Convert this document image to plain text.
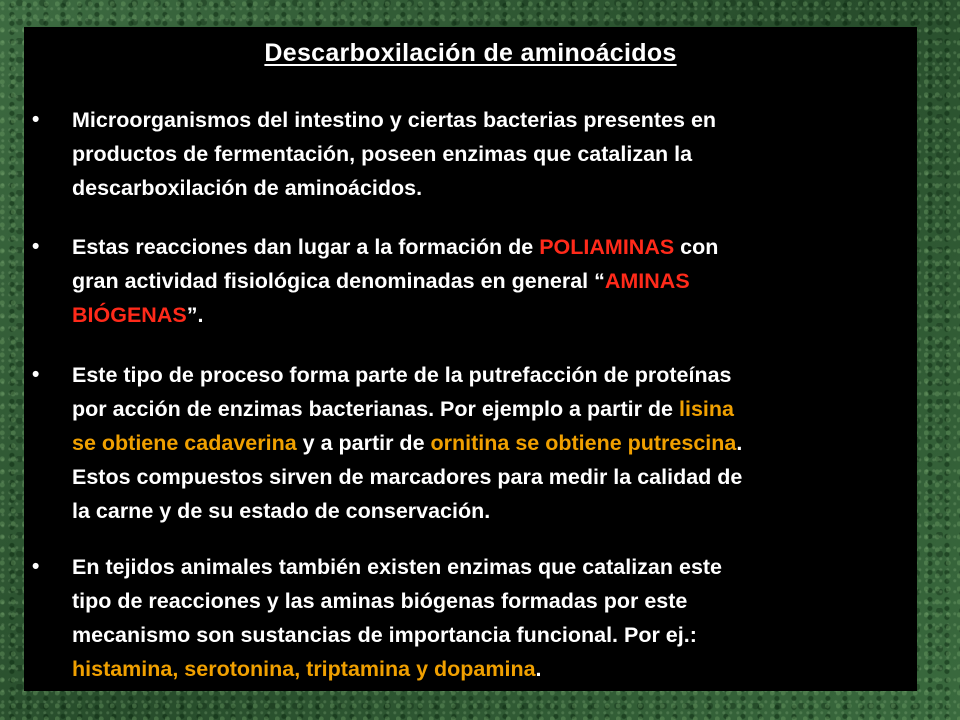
Descarboxilación de aminoácidos
• Microorganismos del intestino y ciertas bacterias presentes en
productos de fermentación, poseen enzimas que catalizan la
descarboxilación de aminoácidos.
• Estas reacciones dan lugar a la formación de POLIAMINAS con
gran actividad fisiológica denominadas en general “AMINAS
BIÓGENAS”.
• Este tipo de proceso forma parte de la putrefacción de proteínas
por acción de enzimas bacterianas. Por ejemplo a partir de lisina
se obtiene cadaverina y a partir de ornitina se obtiene putrescina.
Estos compuestos sirven de marcadores para medir la calidad de
la carne y de su estado de conservación.
• En tejidos animales también existen enzimas que catalizan este
tipo de reacciones y las aminas biógenas formadas por este
mecanismo son sustancias de importancia funcional. Por ej.:
histamina, serotonina, triptamina y dopamina.
